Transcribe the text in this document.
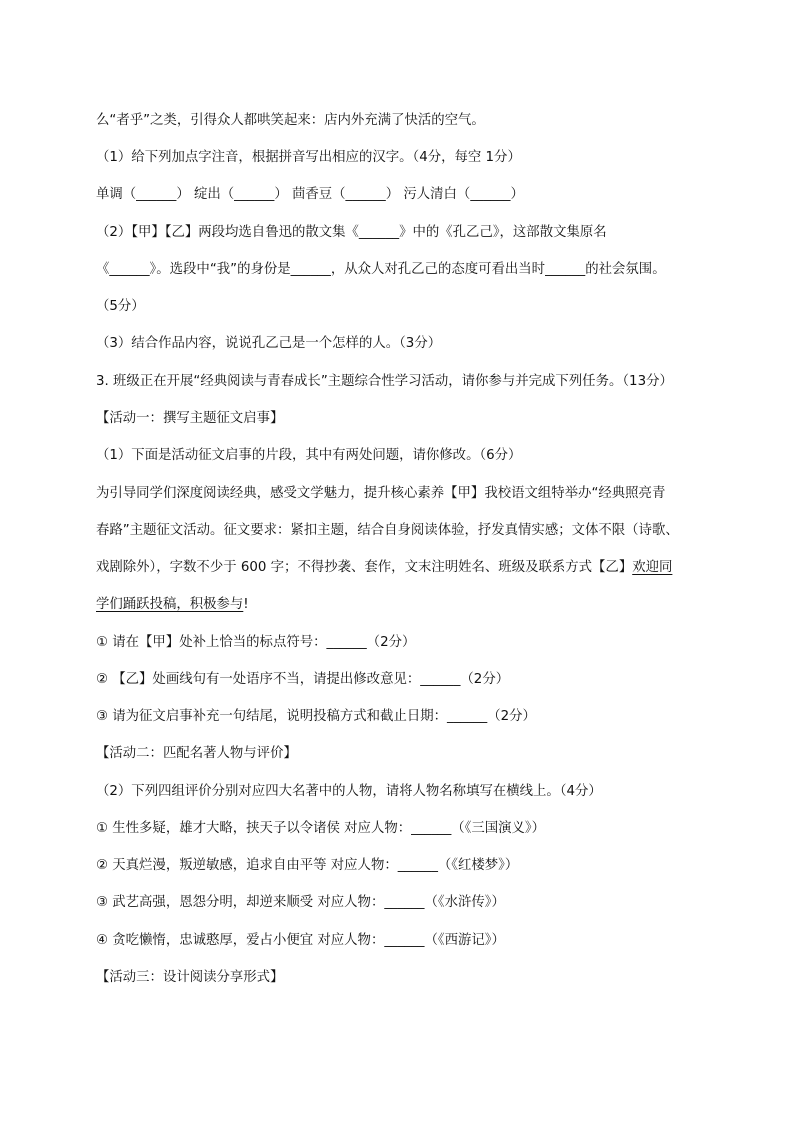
么“者乎”之类，引得众人都哄笑起来：店内外充满了快活的空气。
（1）给下列加点字注音，根据拼音写出相应的汉字。（4分，每空 1分）
单调（______） 绽出（______） 茴香豆（______） 污人清白（______）
（2）【甲】【乙】两段均选自鲁迅的散文集《______》中的《孔乙己》，这部散文集原名
《______》。选段中“我”的身份是______，从众人对孔乙己的态度可看出当时______的社会氛围。
（5分）
（3）结合作品内容，说说孔乙己是一个怎样的人。（3分）
3. 班级正在开展“经典阅读与青春成长”主题综合性学习活动，请你参与并完成下列任务。（13分）
【活动一：撰写主题征文启事】
（1）下面是活动征文启事的片段，其中有两处问题，请你修改。（6分）
为引导同学们深度阅读经典，感受文学魅力，提升核心素养【甲】我校语文组特举办“经典照亮青
春路”主题征文活动。征文要求：紧扣主题，结合自身阅读体验，抒发真情实感；文体不限（诗歌、
戏剧除外），字数不少于 600 字；不得抄袭、套作，文末注明姓名、班级及联系方式【乙】欢迎同
学们踊跃投稿，积极参与!
① 请在【甲】处补上恰当的标点符号：______（2分）
② 【乙】处画线句有一处语序不当，请提出修改意见：______（2分）
③ 请为征文启事补充一句结尾，说明投稿方式和截止日期：______（2分）
【活动二：匹配名著人物与评价】
（2）下列四组评价分别对应四大名著中的人物，请将人物名称填写在横线上。（4分）
① 生性多疑，雄才大略，挟天子以令诸侯 对应人物：______（《三国演义》）
② 天真烂漫，叛逆敏感，追求自由平等 对应人物：______（《红楼梦》）
③ 武艺高强，恩怨分明，却逆来顺受 对应人物：______（《水浒传》）
④ 贪吃懒惰，忠诚憨厚，爱占小便宜 对应人物：______（《西游记》）
【活动三：设计阅读分享形式】
